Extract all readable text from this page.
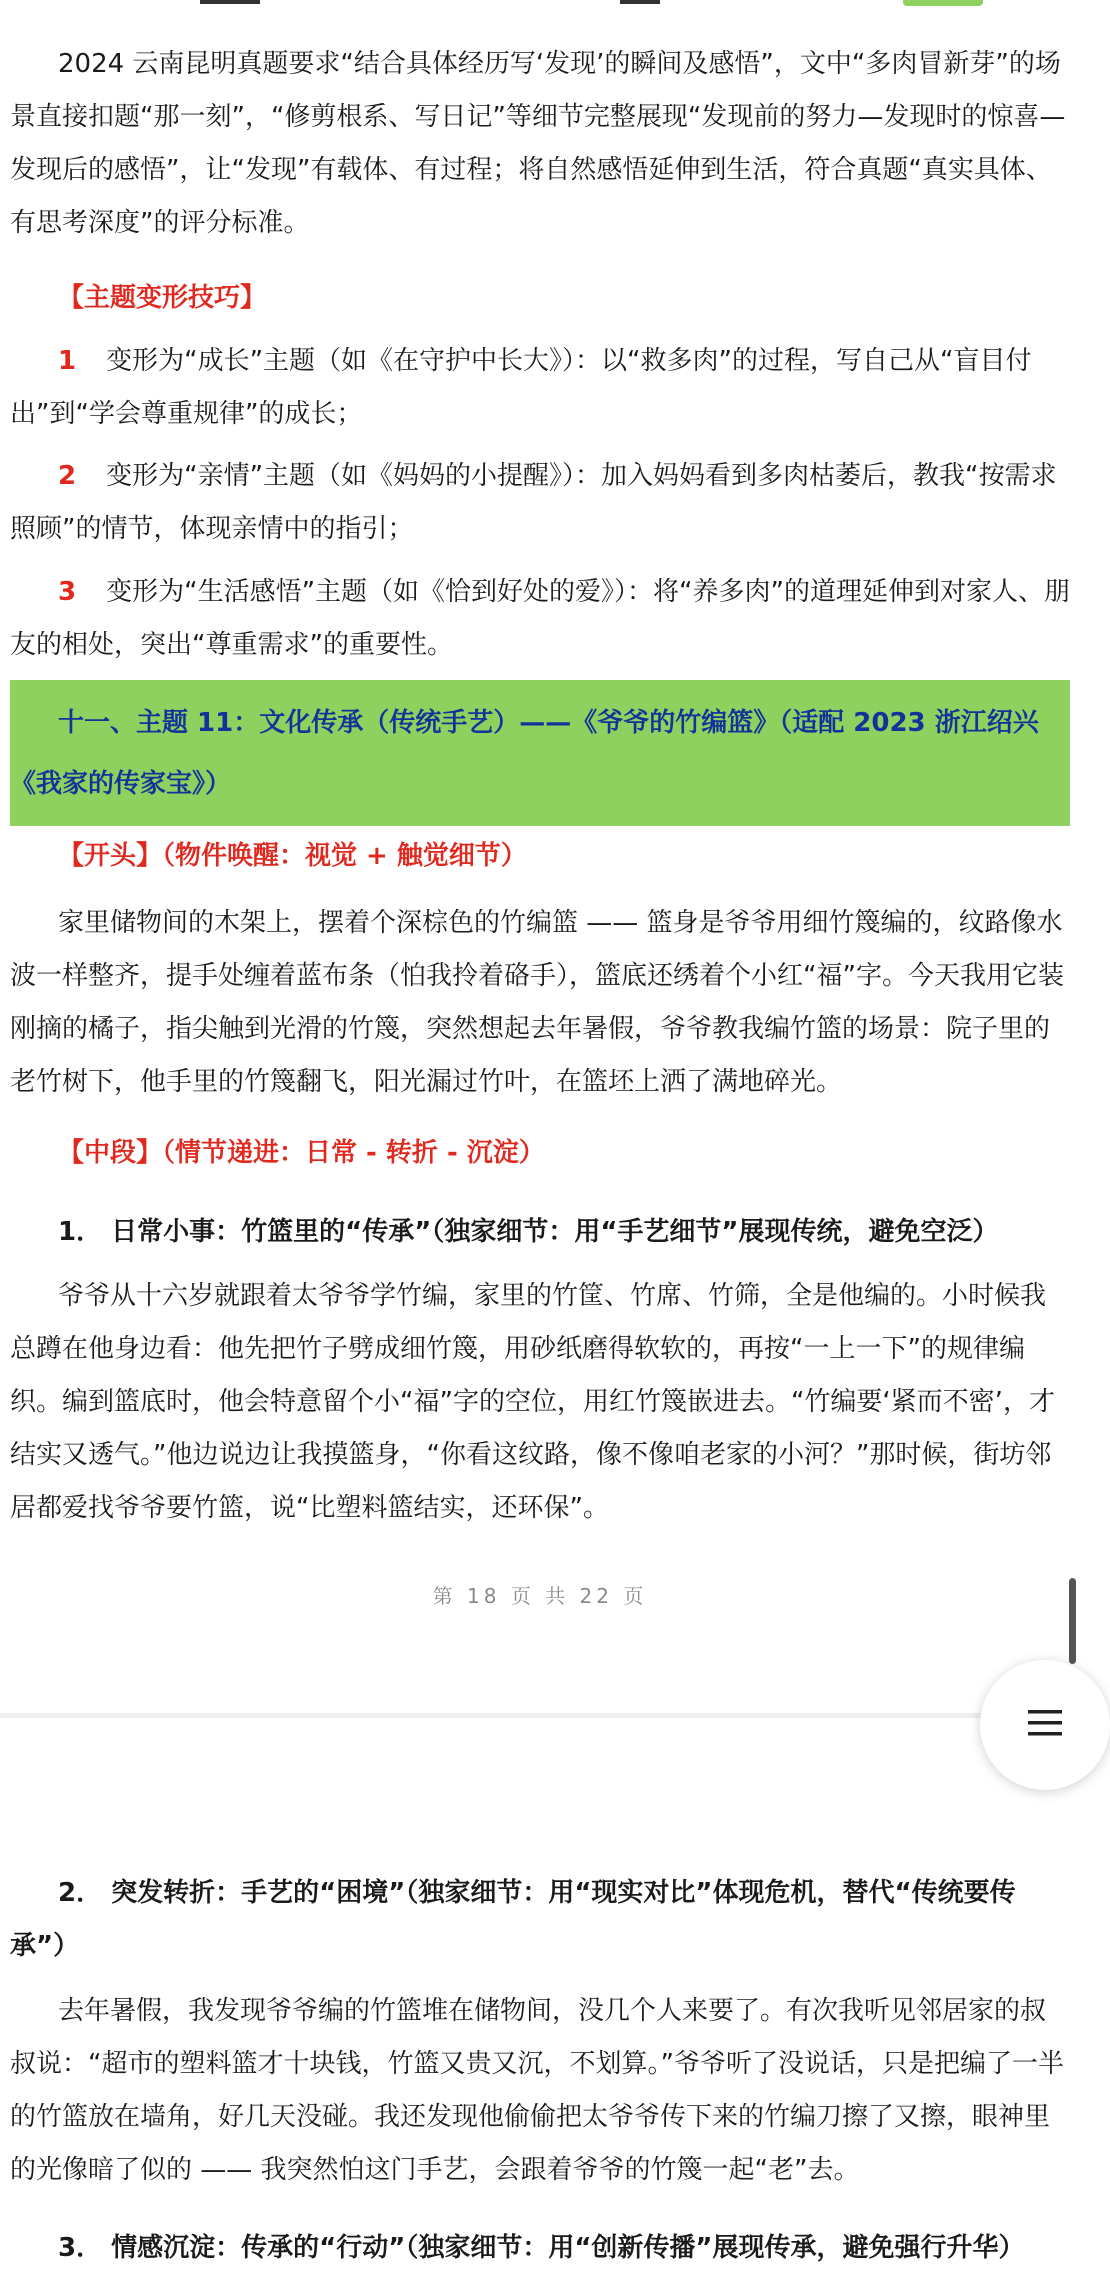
2024 云南昆明真题要求“结合具体经历写‘发现’的瞬间及感悟”，文中“多肉冒新芽”的场景直接扣题“那一刻”，“修剪根系、写日记”等细节完整展现“发现前的努力—发现时的惊喜—发现后的感悟”，让“发现”有载体、有过程；将自然感悟延伸到生活，符合真题“真实具体、有思考深度”的评分标准。

【主题变形技巧】

1 变形为“成长”主题（如《在守护中长大》）：以“救多肉”的过程，写自己从“盲目付出”到“学会尊重规律”的成长；

2 变形为“亲情”主题（如《妈妈的小提醒》）：加入妈妈看到多肉枯萎后，教我“按需求照顾”的情节，体现亲情中的指引；

3 变形为“生活感悟”主题（如《恰到好处的爱》）：将“养多肉”的道理延伸到对家人、朋友的相处，突出“尊重需求”的重要性。

十一、主题 11：文化传承（传统手艺）——《爷爷的竹编篮》（适配 2023 浙江绍兴《我家的传家宝》）

【开头】（物件唤醒：视觉 + 触觉细节）

家里储物间的木架上，摆着个深棕色的竹编篮 —— 篮身是爷爷用细竹篾编的，纹路像水波一样整齐，提手处缠着蓝布条（怕我拎着硌手），篮底还绣着个小红“福”字。今天我用它装刚摘的橘子，指尖触到光滑的竹篾，突然想起去年暑假，爷爷教我编竹篮的场景：院子里的老竹树下，他手里的竹篾翻飞，阳光漏过竹叶，在篮坯上洒了满地碎光。

【中段】（情节递进：日常 - 转折 - 沉淀）

1． 日常小事：竹篮里的“传承”（独家细节：用“手艺细节”展现传统，避免空泛）

爷爷从十六岁就跟着太爷爷学竹编，家里的竹筐、竹席、竹筛，全是他编的。小时候我总蹲在他身边看：他先把竹子劈成细竹篾，用砂纸磨得软软的，再按“一上一下”的规律编织。编到篮底时，他会特意留个小“福”字的空位，用红竹篾嵌进去。“竹编要‘紧而不密’，才结实又透气。”他边说边让我摸篮身，“你看这纹路，像不像咱老家的小河？”那时候，街坊邻居都爱找爷爷要竹篮，说“比塑料篮结实，还环保”。

第 18 页 共 22 页

2． 突发转折：手艺的“困境”（独家细节：用“现实对比”体现危机，替代“传统要传承”）

去年暑假，我发现爷爷编的竹篮堆在储物间，没几个人来要了。有次我听见邻居家的叔叔说：“超市的塑料篮才十块钱，竹篮又贵又沉，不划算。”爷爷听了没说话，只是把编了一半的竹篮放在墙角，好几天没碰。我还发现他偷偷把太爷爷传下来的竹编刀擦了又擦，眼神里的光像暗了似的 —— 我突然怕这门手艺，会跟着爷爷的竹篾一起“老”去。

3． 情感沉淀：传承的“行动”（独家细节：用“创新传播”展现传承，避免强行升华）
